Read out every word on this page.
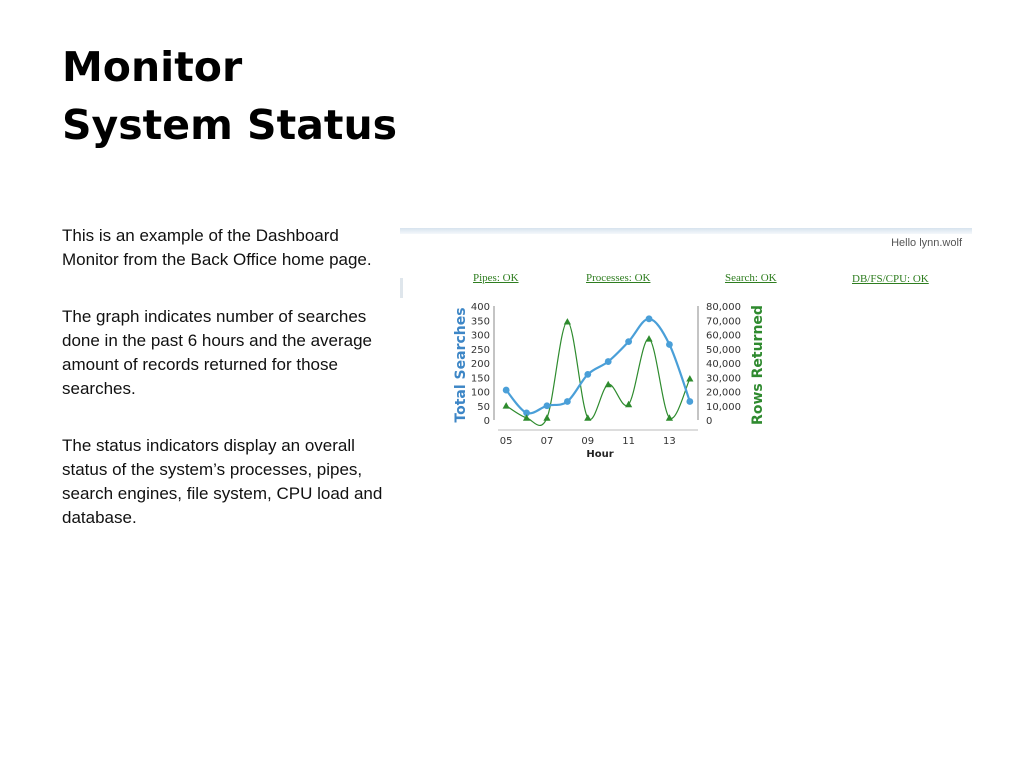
Monitor
System Status

This is an example of the Dashboard Monitor from the Back Office home page.

The graph indicates number of searches done in the past 6 hours and the average amount of records returned for those searches.

The status indicators display an overall status of the system’s processes, pipes, search engines, file system, CPU load and database.

Hello lynn.wolf
Pipes: OK	Processes: OK	Search: OK	DB/FS/CPU: OK
400
350
300
250
200
150
100
50
0
80,000
70,000
60,000
50,000
40,000
30,000
20,000
10,000
0
05	07	09	11	13
Total Searches	Rows Returned
Hour
